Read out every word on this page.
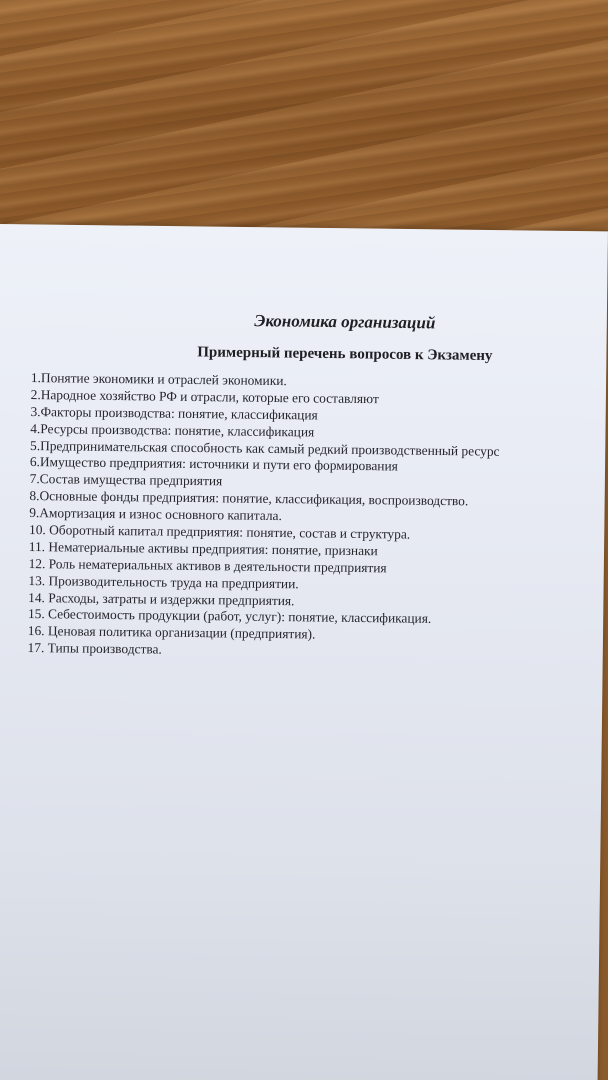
Экономика организаций
Примерный перечень вопросов к Экзамену
1.Понятие экономики и отраслей экономики.
2.Народное хозяйство РФ и отрасли, которые его составляют
3.Факторы производства: понятие, классификация
4.Ресурсы производства: понятие, классификация
5.Предпринимательская способность как самый редкий производственный ресурс
6.Имущество предприятия: источники и пути его формирования
7.Состав имущества предприятия
8.Основные фонды предприятия: понятие, классификация, воспроизводство.
9.Амортизация и износ основного капитала.
10. Оборотный капитал предприятия: понятие, состав и структура.
11. Нематериальные активы предприятия: понятие, признаки
12. Роль нематериальных активов в деятельности предприятия
13. Производительность труда на предприятии.
14. Расходы, затраты и издержки предприятия.
15. Себестоимость продукции (работ, услуг): понятие, классификация.
16. Ценовая политика организации (предприятия).
17. Типы производства.
